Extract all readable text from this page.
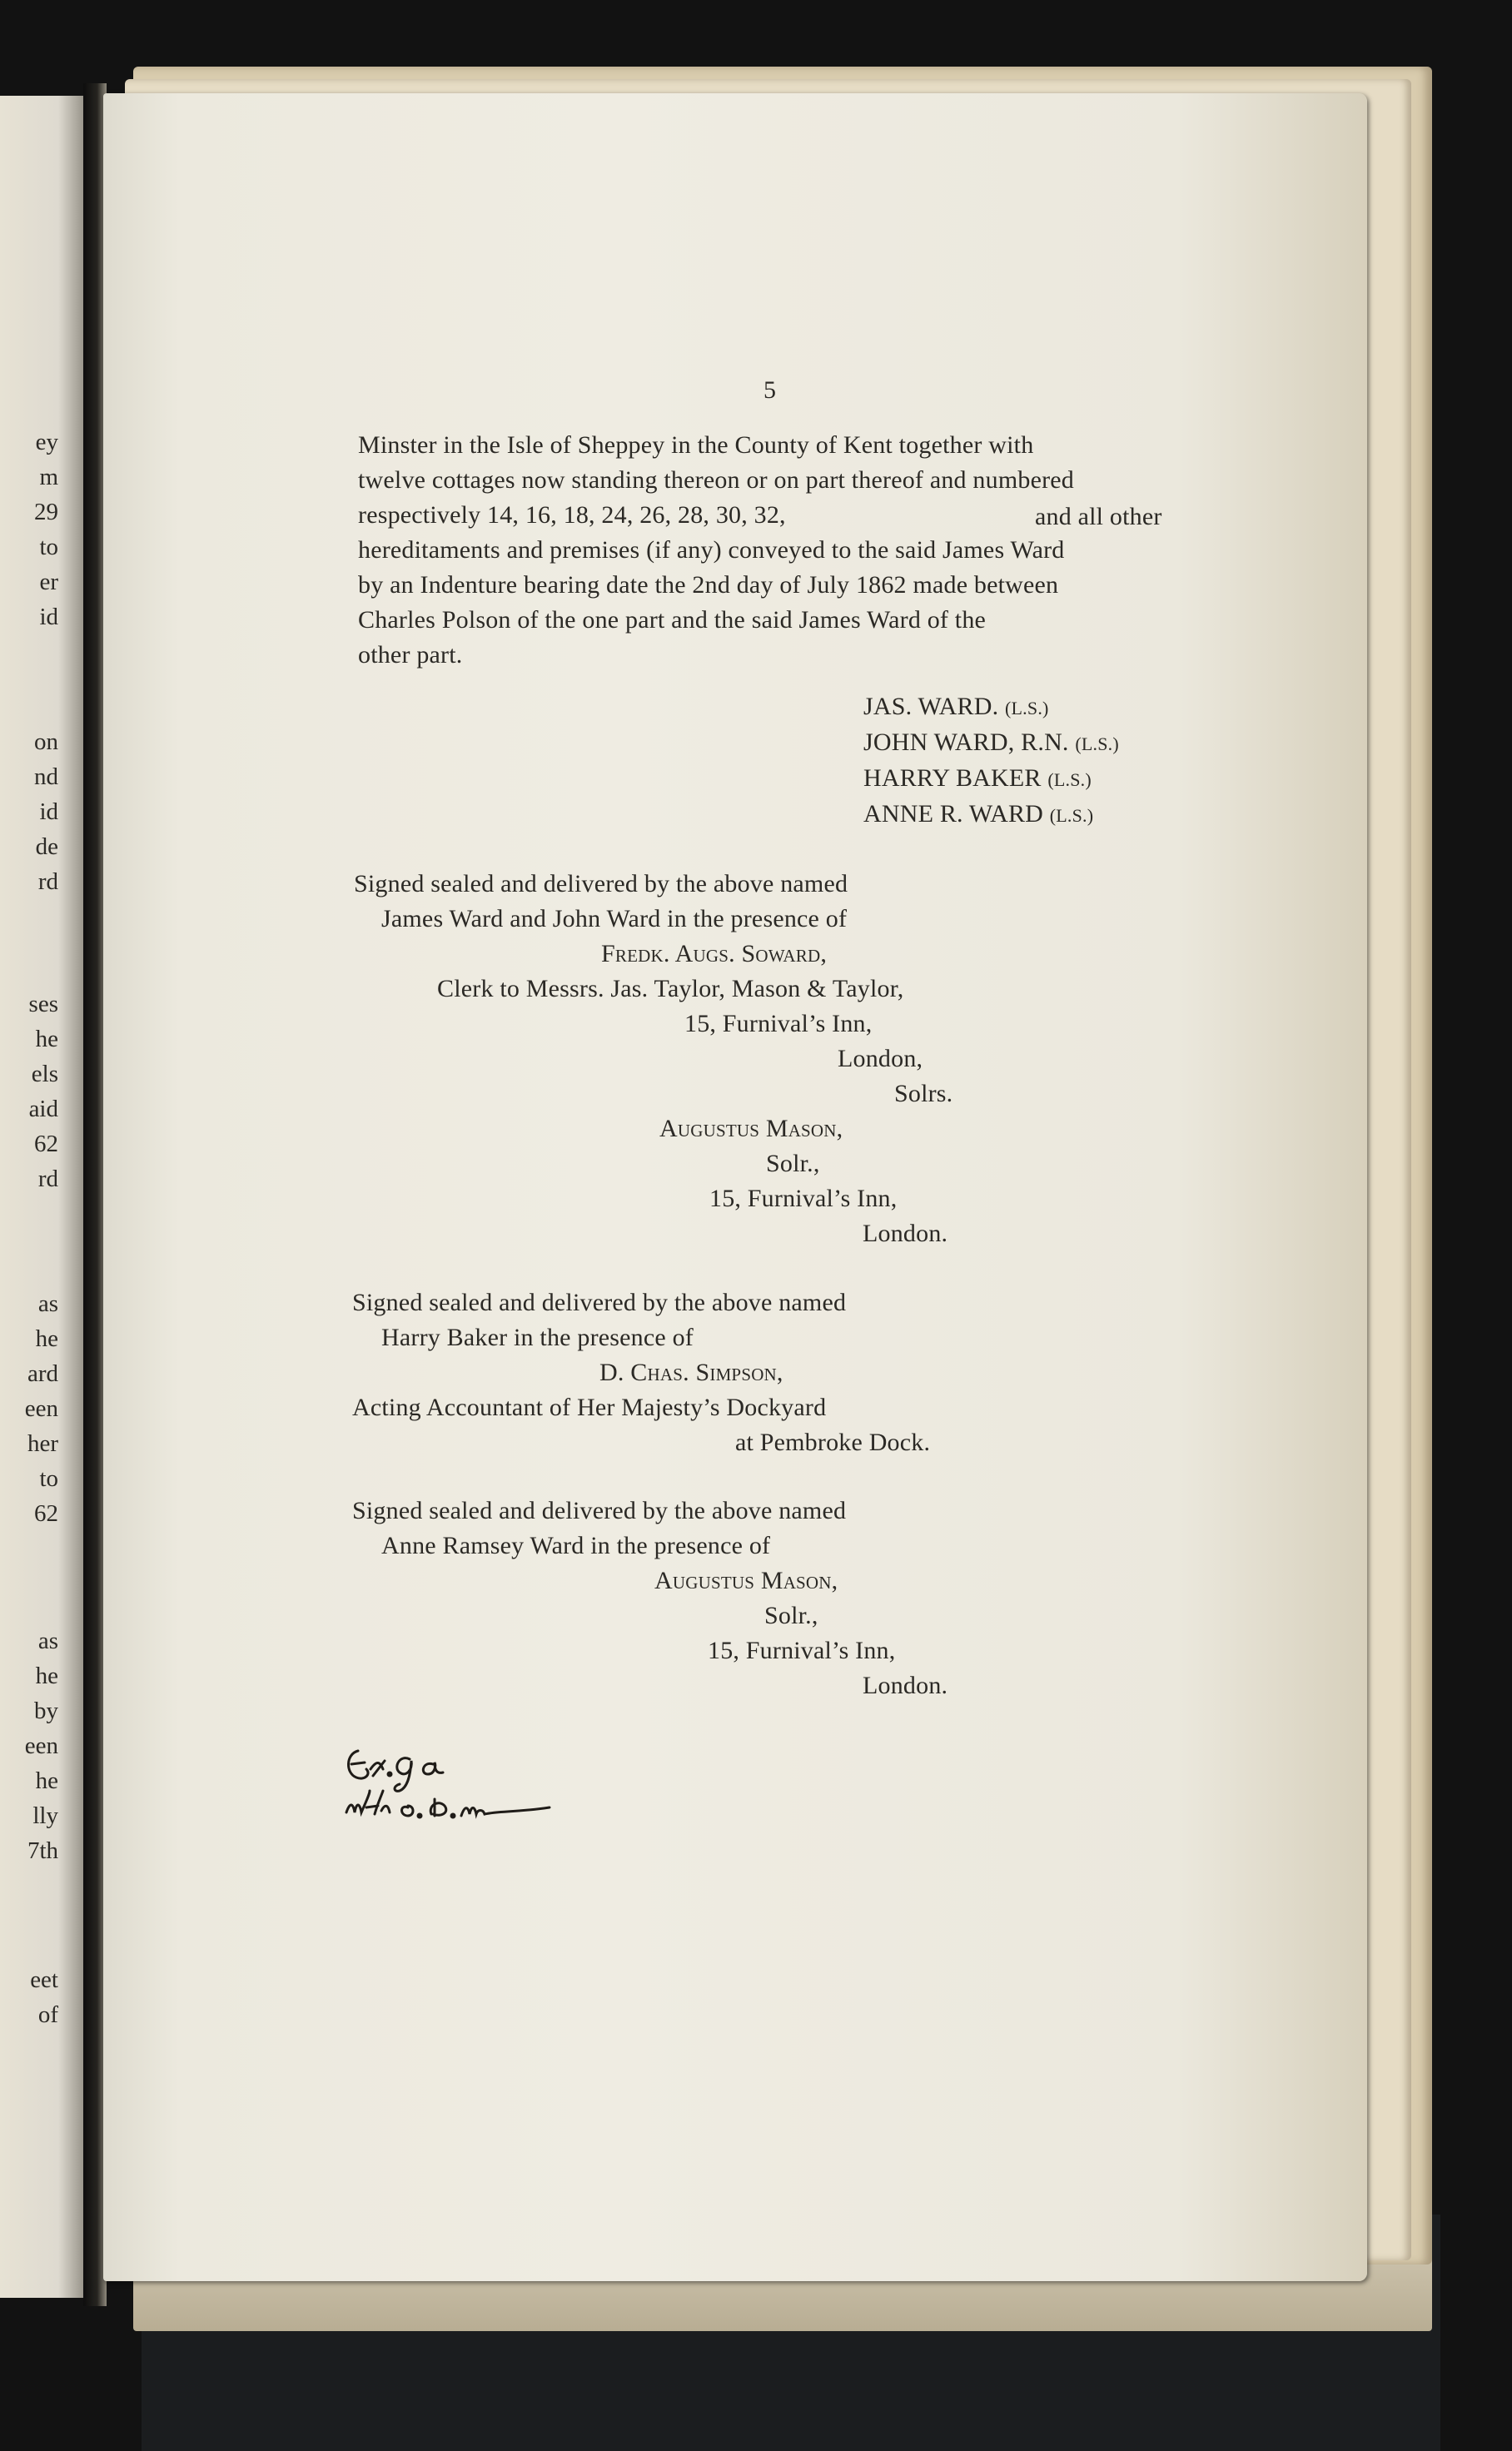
ey
m
29
to
er
id
on
nd
id
de
rd
ses
he
els
aid
62
rd
as
he
ard
een
her
to
62
as
he
by
een
he
lly
7th
eet
of
5
Minster in the Isle of Sheppey in the County of Kent together with
twelve cottages now standing thereon or on part thereof and numbered
respectively 14, 16, 18, 24, 26, 28, 30, 32,	and all other
hereditaments and premises (if any) conveyed to the said James Ward
by an Indenture bearing date the 2nd day of July 1862 made between
Charles Polson of the one part and the said James Ward of the
other part.
JAS. WARD. (L.S.)
JOHN WARD, R.N. (L.S.)
HARRY BAKER (L.S.)
ANNE R. WARD (L.S.)
Signed sealed and delivered by the above named
James Ward and John Ward in the presence of
Fredk. Augs. Soward,
Clerk to Messrs. Jas. Taylor, Mason & Taylor,
15, Furnival’s Inn,
London,
Solrs.
Augustus Mason,
Solr.,
15, Furnival’s Inn,
London.
Signed sealed and delivered by the above named
Harry Baker in the presence of
D. Chas. Simpson,
Acting Accountant of Her Majesty’s Dockyard
at Pembroke Dock.
Signed sealed and delivered by the above named
Anne Ramsey Ward in the presence of
Augustus Mason,
Solr.,
15, Furnival’s Inn,
London.
